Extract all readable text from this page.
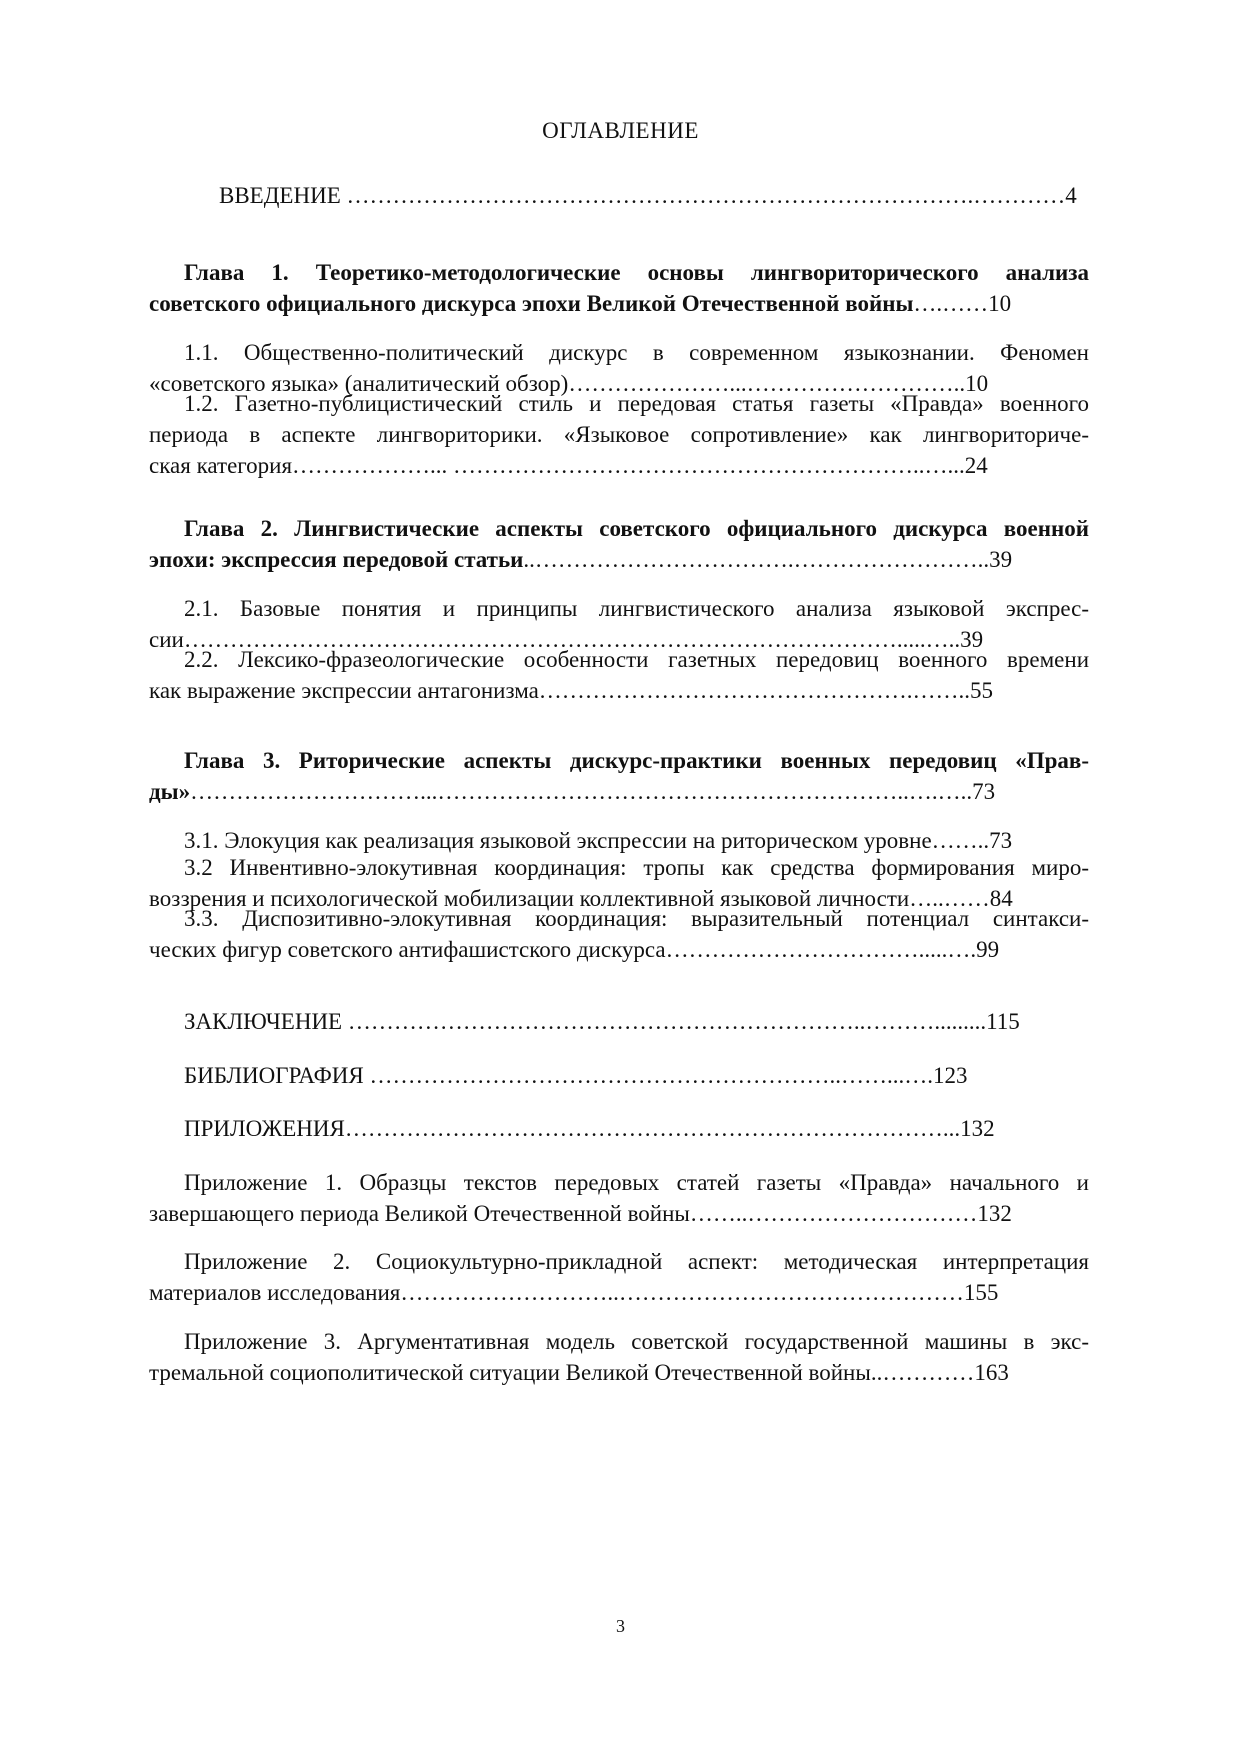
ОГЛАВЛЕНИЕ
ВВЕДЕНИЕ ……………………………………………………………………….…………4
Глава 1. Теоретико-методологические основы лингвориторического анализа
советского официального дискурса эпохи Великой Отечественной войны….……10
1.1. Общественно-политический дискурс в современном языкознании. Феномен
«советского языка» (аналитический обзор)…………………...………………………..10
1.2. Газетно-публицистический стиль и передовая статья газеты «Правда» военного
периода в аспекте лингвориторики. «Языковое сопротивление» как лингвориториче-
ская категория………………... ……………………………………………………..…...24
Глава 2. Лингвистические аспекты советского официального дискурса военной
эпохи: экспрессия передовой статьи..…………………………….……………………..39
2.1. Базовые понятия и принципы лингвистического анализа языковой экспрес-
сии………………………………………………………………………………….....…..39
2.2. Лексико-фразеологические особенности газетных передовиц военного времени
как выражение экспрессии антагонизма………………………………………….……..55
Глава 3. Риторические аспекты дискурс-практики военных передовиц «Прав-
ды»…………………………...……………………………………………………..….…..73
3.1. Элокуция как реализация языковой экспрессии на риторическом уровне……..73
3.2 Инвентивно-элокутивная координация: тропы как средства формирования миро-
воззрения и психологической мобилизации коллективной языковой личности…..……84
3.3. Диспозитивно-элокутивная координация: выразительный потенциал синтакси-
ческих фигур советского антифашистского дискурса…………………………….....….99
ЗАКЛЮЧЕНИЕ …………………………………………………………..……….........115
БИБЛИОГРАФИЯ ……………………………………………………..……...….123
ПРИЛОЖЕНИЯ……………………………………………………………………...132
Приложение 1. Образцы текстов передовых статей газеты «Правда» начального и
завершающего периода Великой Отечественной войны……..…………………………132
Приложение 2. Социокультурно-прикладной аспект: методическая интерпретация
материалов исследования………………………..………………………………………155
Приложение 3. Аргументативная модель советской государственной машины в экс-
тремальной социополитической ситуации Великой Отечественной войны..…………163
3
